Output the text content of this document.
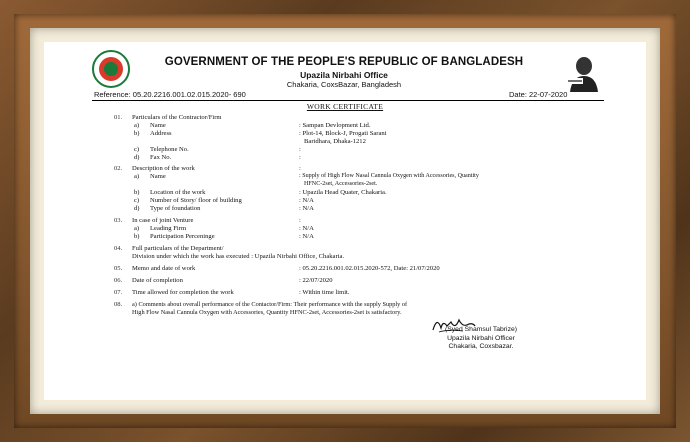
GOVERNMENT OF THE PEOPLE'S REPUBLIC OF BANGLADESH
Upazila Nirbahi Office
Chakaria, CoxsBazar, Bangladesh
Reference: 05.20.2216.001.02.015.2020- 690	Date: 22-07-2020
WORK CERTIFICATE
01. Particulars of the Contractor/Firm
a) Name	: Sampan Devlopment Ltd.
b) Address	: Plot-14, Block-J, Progati Sarani
Baridhara, Dhaka-1212
c) Telephone No.	:
d) Fax No.	:
02. Description of the work	:
a) Name	: Supply of High Flow Nasal Cannula Oxygen with Accessories, Quantity
HFNC-2set, Accessories-2set.
b) Location of the work	: Upazila Head Quater, Chakaria.
c) Number of Story/ floor of building	: N/A
d) Type of foundation	: N/A
03. In case of joint Venture	:
a) Leading Firm	: N/A
b) Participation Perceninge	: N/A
04. Full particulars of the Department/
Division under which the work has executed : Upazila Nirbahi Office, Chakaria.
05. Memo and date of work	: 05.20.2216.001.02.015.2020-572, Date: 21/07/2020
06. Date of completion	: 22/07/2020
07. Time allowed for completion the work	: Within time limit.
08. a) Comments about overall performance of the Contactor/Firm: Their performance with the supply Supply of
High Flow Nasal Cannula Oxygen with Accessories, Quantity HFNC-2set, Accessories-2set is satisfactory.
(Syed Shamsul Tabrize)
Upazila Nirbahi Officer
Chakaria, Coxsbazar.
